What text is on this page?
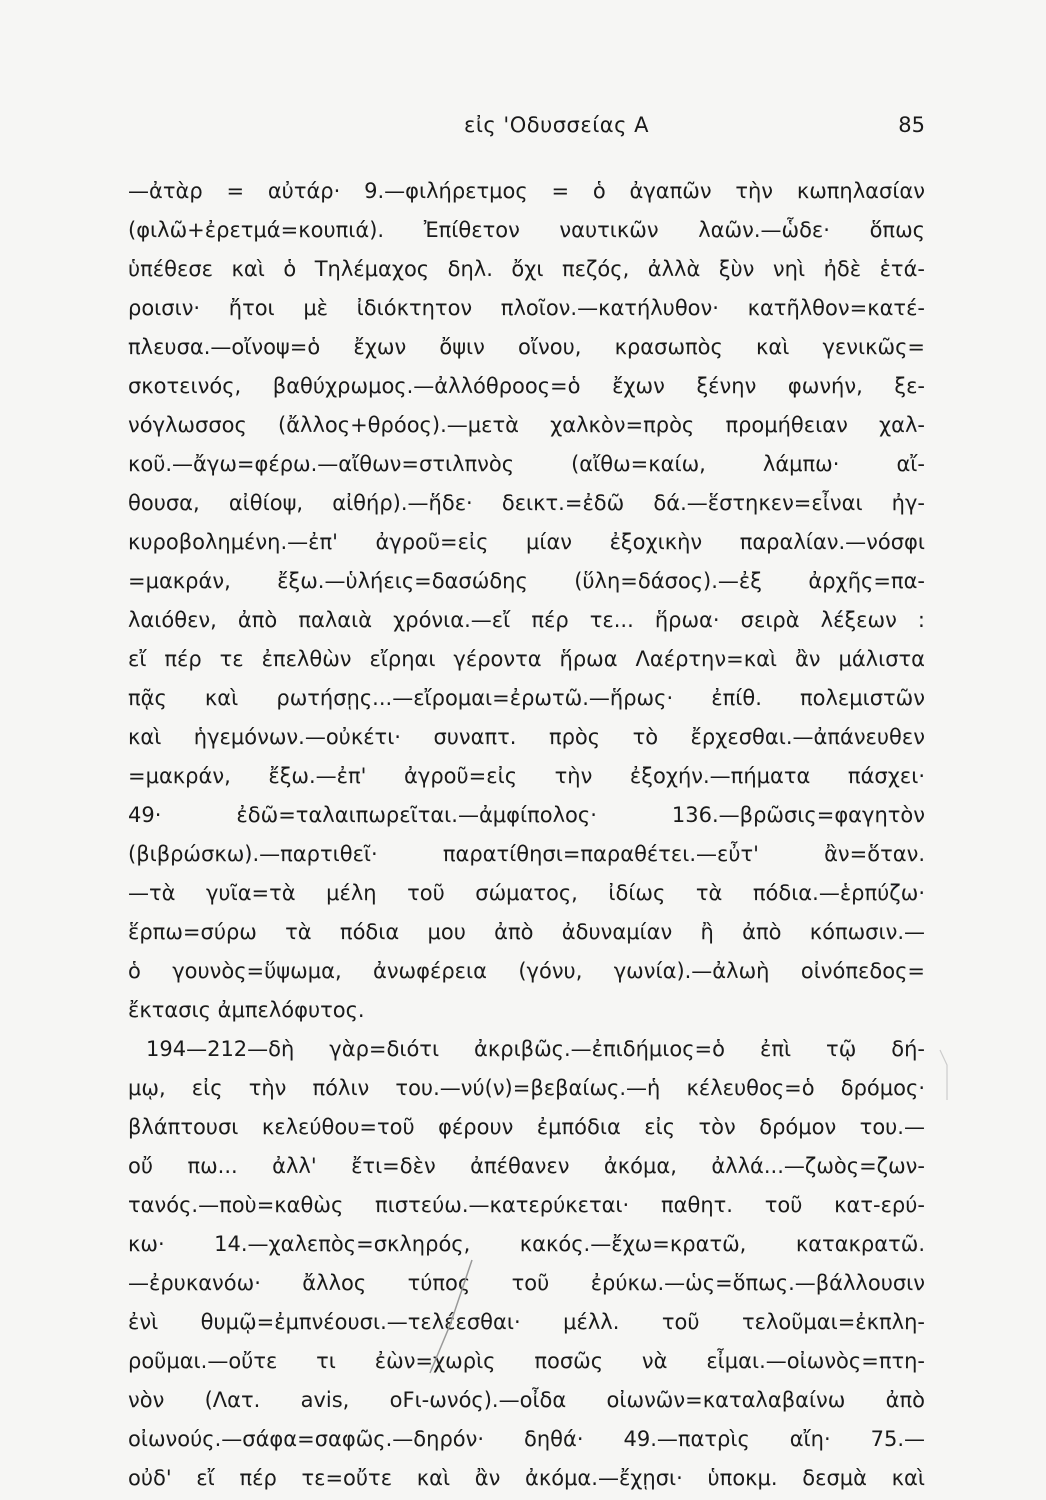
εἰς 'Οδυσσείας Α	85
—ἀτὰρ = αὐτάρ· 9.—φιλήρετμος = ὁ ἀγαπῶν τὴν κωπηλασίαν
(φιλῶ+ἐρετμά=κουπιά). Ἐπίθετον ναυτικῶν λαῶν.—ὧδε· ὅπως
ὑπέθεσε καὶ ὁ Τηλέμαχος δηλ. ὄχι πεζός, ἀλλὰ ξὺν νηὶ ἠδὲ ἑτά-
ροισιν· ἤτοι μὲ ἰδιόκτητον πλοῖον.—κατήλυθον· κατῆλθον=κατέ-
πλευσα.—οἴνοψ=ὁ ἔχων ὄψιν οἴνου, κρασωπὸς καὶ γενικῶς=
σκοτεινός, βαθύχρωμος.—ἀλλόθροος=ὁ ἔχων ξένην φωνήν, ξε-
νόγλωσσος (ἄλλος+θρόος).—μετὰ χαλκὸν=πρὸς προμήθειαν χαλ-
κοῦ.—ἄγω=φέρω.—αἴθων=στιλπνὸς (αἴθω=καίω, λάμπω· αἴ-
θουσα, αἰθίοψ, αἰθήρ).—ἥδε· δεικτ.=ἐδῶ δά.—ἕστηκεν=εἶναι ἠγ-
κυροβολημένη.—ἐπ' ἀγροῦ=εἰς μίαν ἐξοχικὴν παραλίαν.—νόσφι
=μακράν, ἔξω.—ὑλήεις=δασώδης (ὕλη=δάσος).—ἐξ ἀρχῆς=πα-
λαιόθεν, ἀπὸ παλαιὰ χρόνια.—εἴ πέρ τε... ἥρωα· σειρὰ λέξεων :
εἴ πέρ τε ἐπελθὼν εἴρηαι γέροντα ἥρωα Λαέρτην=καὶ ἂν μάλιστα
πᾷς καὶ ρωτήσῃς...—εἴρομαι=ἐρωτῶ.—ἥρως· ἐπίθ. πολεμιστῶν
καὶ ἡγεμόνων.—οὐκέτι· συναπτ. πρὸς τὸ ἔρχεσθαι.—ἀπάνευθεν
=μακράν, ἔξω.—ἐπ' ἀγροῦ=εἰς τὴν ἐξοχήν.—πήματα πάσχει·
49· ἐδῶ=ταλαιπωρεῖται.—ἀμφίπολος· 136.—βρῶσις=φαγητὸν
(βιβρώσκω).—παρτιθεῖ· παρατίθησι=παραθέτει.—εὖτ' ἂν=ὅταν.
—τὰ γυῖα=τὰ μέλη τοῦ σώματος, ἰδίως τὰ πόδια.—ἑρπύζω·
ἕρπω=σύρω τὰ πόδια μου ἀπὸ ἀδυναμίαν ἢ ἀπὸ κόπωσιν.—
ὁ γουνὸς=ὕψωμα, ἀνωφέρεια (γόνυ, γωνία).—ἀλωὴ οἰνόπεδος=
ἔκτασις ἀμπελόφυτος.
194—212—δὴ γὰρ=διότι ἀκριβῶς.—ἐπιδήμιος=ὁ ἐπὶ τῷ δή-
μῳ, εἰς τὴν πόλιν του.—νύ(ν)=βεβαίως.—ἡ κέλευθος=ὁ δρόμος·
βλάπτουσι κελεύθου=τοῦ φέρουν ἐμπόδια εἰς τὸν δρόμον του.—
οὔ πω... ἀλλ' ἔτι=δὲν ἀπέθανεν ἀκόμα, ἀλλά...—ζωὸς=ζων-
τανός.—ποὺ=καθὼς πιστεύω.—κατερύκεται· παθητ. τοῦ κατ-ερύ-
κω· 14.—χαλεπὸς=σκληρός, κακός.—ἔχω=κρατῶ, κατακρατῶ.
—ἐρυκανόω· ἄλλος τύπος τοῦ ἐρύκω.—ὡς=ὅπως.—βάλλουσιν
ἐνὶ θυμῷ=ἐμπνέουσι.—τελέεσθαι· μέλλ. τοῦ τελοῦμαι=ἐκπλη-
ροῦμαι.—οὔτε τι ἐὼν=χωρὶς ποσῶς νὰ εἶμαι.—οἰωνὸς=πτη-
νὸν (Λατ. avis, oFι-ωνός).—οἶδα οἰωνῶν=καταλαβαίνω ἀπὸ
οἰωνούς.—σάφα=σαφῶς.—δηρόν· δηθά· 49.—πατρὶς αἴη· 75.—
οὐδ' εἴ πέρ τε=οὔτε καὶ ἂν ἀκόμα.—ἔχῃσι· ὑποκμ. δεσμὰ καὶ
